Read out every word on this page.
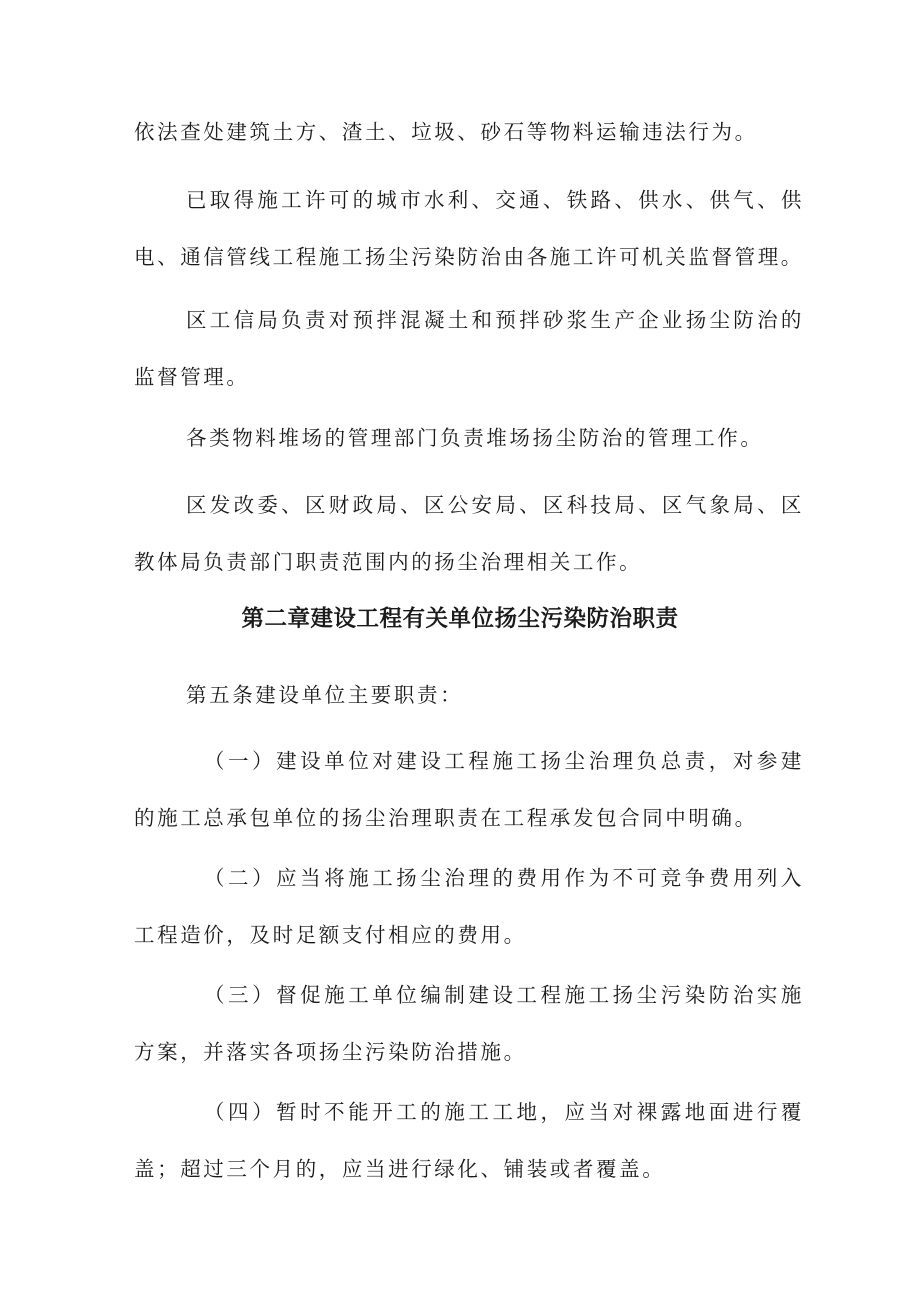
依法查处建筑土方、渣土、垃圾、砂石等物料运输违法行为。

已取得施工许可的城市水利、交通、铁路、供水、供气、供电、通信管线工程施工扬尘污染防治由各施工许可机关监督管理。

区工信局负责对预拌混凝土和预拌砂浆生产企业扬尘防治的监督管理。

各类物料堆场的管理部门负责堆场扬尘防治的管理工作。

区发改委、区财政局、区公安局、区科技局、区气象局、区教体局负责部门职责范围内的扬尘治理相关工作。

第二章建设工程有关单位扬尘污染防治职责

第五条建设单位主要职责：

（一）建设单位对建设工程施工扬尘治理负总责，对参建的施工总承包单位的扬尘治理职责在工程承发包合同中明确。

（二）应当将施工扬尘治理的费用作为不可竞争费用列入工程造价，及时足额支付相应的费用。

（三）督促施工单位编制建设工程施工扬尘污染防治实施方案，并落实各项扬尘污染防治措施。

（四）暂时不能开工的施工工地，应当对裸露地面进行覆盖；超过三个月的，应当进行绿化、铺装或者覆盖。
